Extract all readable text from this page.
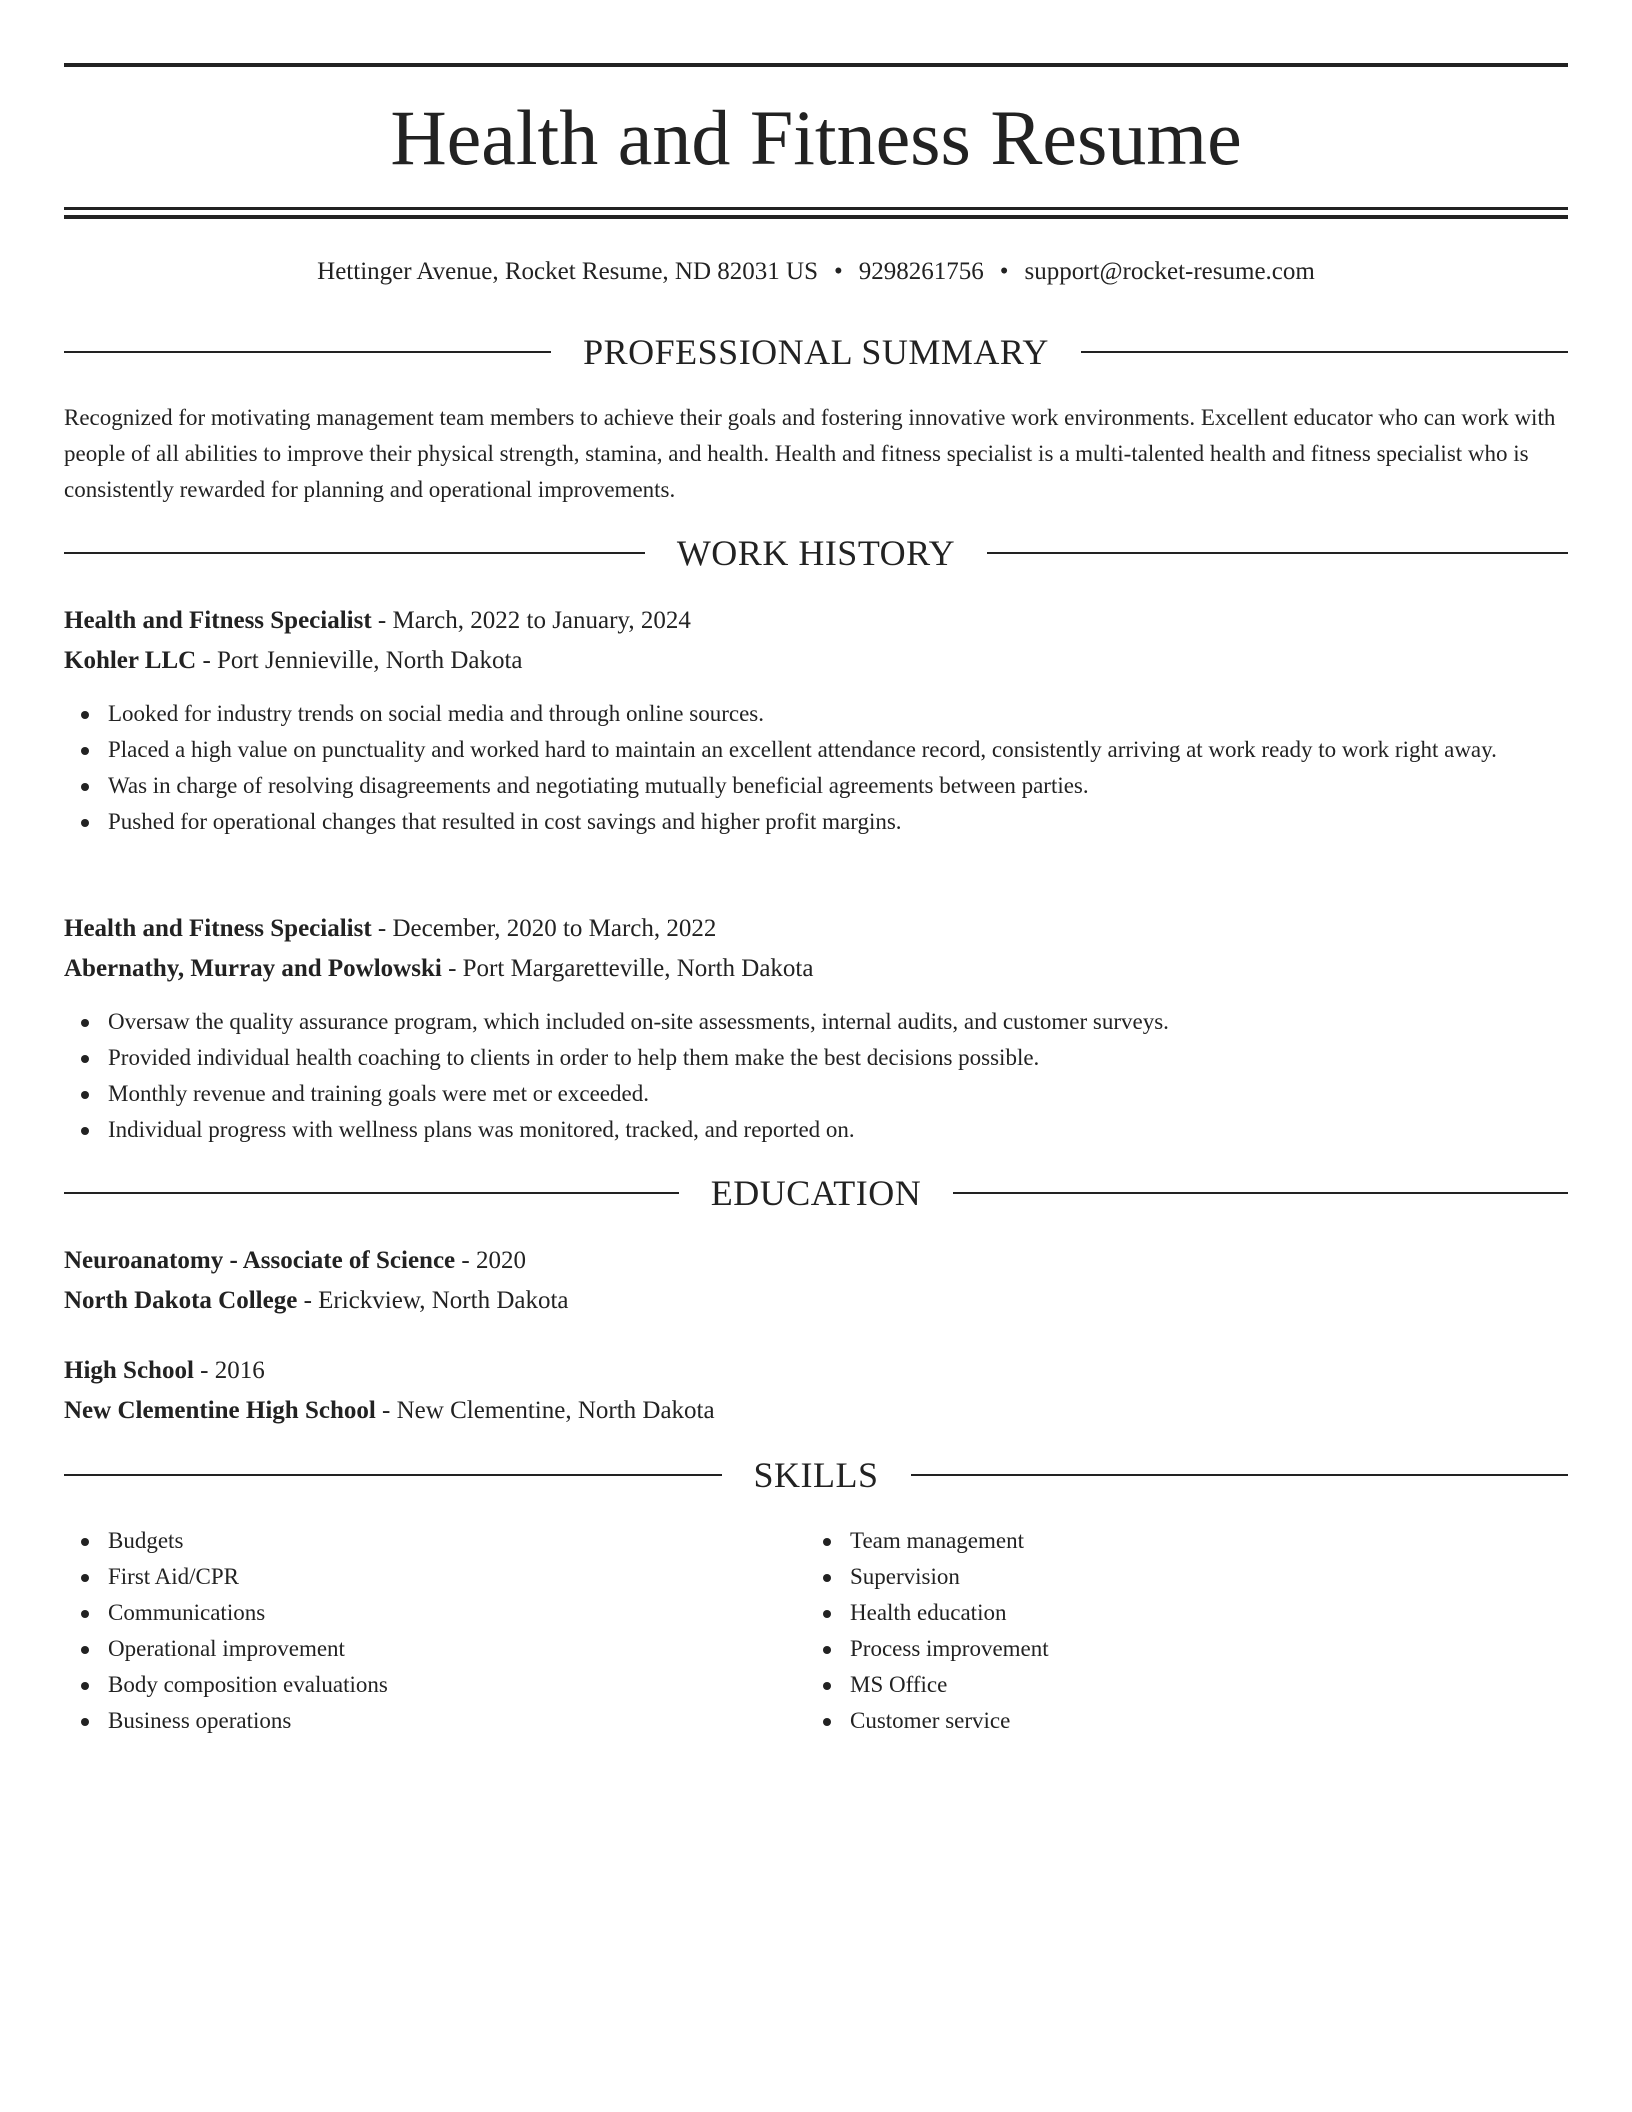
Health and Fitness Resume
Hettinger Avenue, Rocket Resume, ND 82031 US • 9298261756 • support@rocket-resume.com
PROFESSIONAL SUMMARY

Recognized for motivating management team members to achieve their goals and fostering innovative work environments. Excellent educator who can work with people of all abilities to improve their physical strength, stamina, and health. Health and fitness specialist is a multi-talented health and fitness specialist who is consistently rewarded for planning and operational improvements.

WORK HISTORY
Health and Fitness Specialist - March, 2022 to January, 2024
Kohler LLC - Port Jennieville, North Dakota
Looked for industry trends on social media and through online sources.
Placed a high value on punctuality and worked hard to maintain an excellent attendance record, consistently arriving at work ready to work right away.
Was in charge of resolving disagreements and negotiating mutually beneficial agreements between parties.
Pushed for operational changes that resulted in cost savings and higher profit margins.
Health and Fitness Specialist - December, 2020 to March, 2022
Abernathy, Murray and Powlowski - Port Margaretteville, North Dakota
Oversaw the quality assurance program, which included on-site assessments, internal audits, and customer surveys.
Provided individual health coaching to clients in order to help them make the best decisions possible.
Monthly revenue and training goals were met or exceeded.
Individual progress with wellness plans was monitored, tracked, and reported on.
EDUCATION
Neuroanatomy - Associate of Science - 2020
North Dakota College - Erickview, North Dakota
High School - 2016
New Clementine High School - New Clementine, North Dakota
SKILLS
Budgets
First Aid/CPR
Communications
Operational improvement
Body composition evaluations
Business operations
Team management
Supervision
Health education
Process improvement
MS Office
Customer service
